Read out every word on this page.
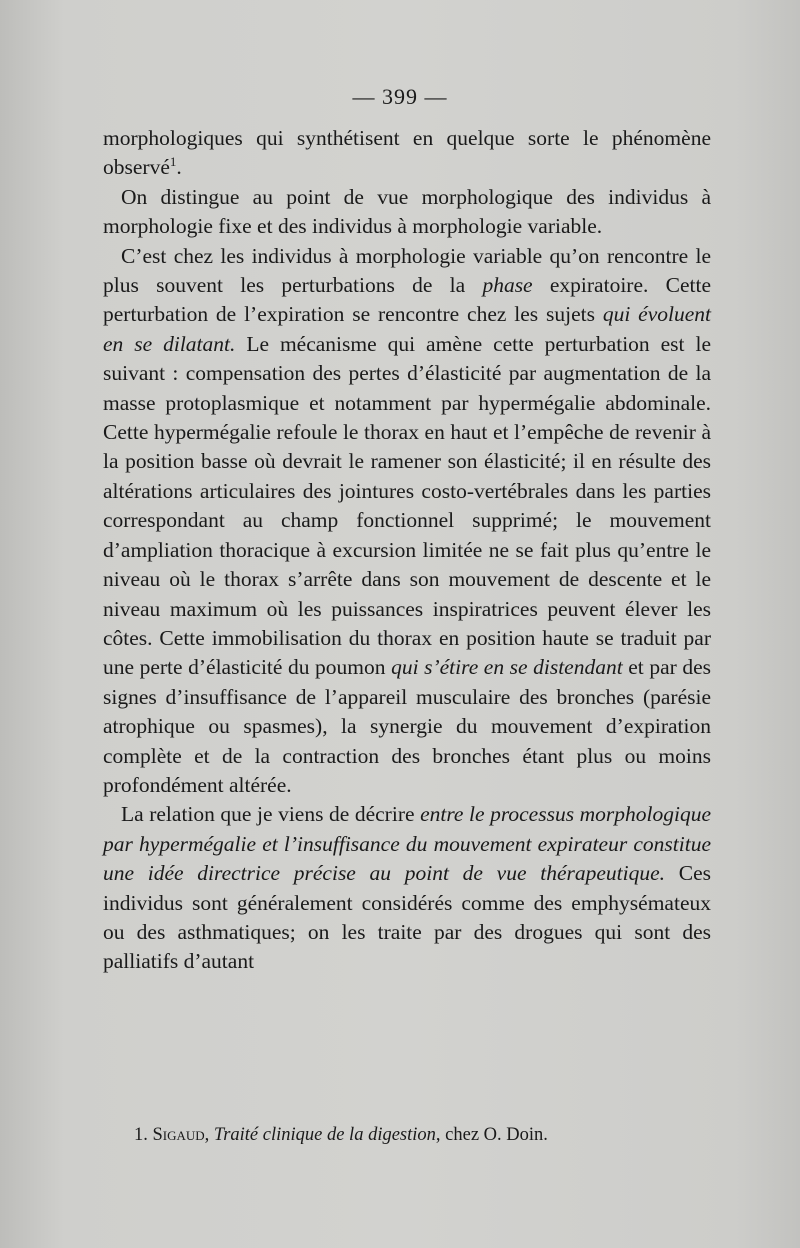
— 399 —

morphologiques qui synthétisent en quelque sorte le phénomène observé$^1$.

On distingue au point de vue morphologique des individus à morphologie fixe et des individus à morphologie variable.

C’est chez les individus à morphologie variable qu’on rencontre le plus souvent les perturbations de la phase expiratoire. Cette perturbation de l’expiration se rencontre chez les sujets qui évoluent en se dilatant. Le mécanisme qui amène cette perturbation est le suivant : compensation des pertes d’élasticité par augmentation de la masse protoplasmique et notamment par hypermégalie abdominale. Cette hypermégalie refoule le thorax en haut et l’empêche de revenir à la position basse où devrait le ramener son élasticité; il en résulte des altérations articulaires des jointures costo-vertébrales dans les parties correspondant au champ fonctionnel supprimé; le mouvement d’ampliation thoracique à excursion limitée ne se fait plus qu’entre le niveau où le thorax s’arrête dans son mouvement de descente et le niveau maximum où les puissances inspiratrices peuvent élever les côtes. Cette immobilisation du thorax en position haute se traduit par une perte d’élasticité du poumon qui s’étire en se distendant et par des signes d’insuffisance de l’appareil musculaire des bronches (parésie atrophique ou spasmes), la synergie du mouvement d’expiration complète et de la contraction des bronches étant plus ou moins profondément altérée.

La relation que je viens de décrire entre le processus morphologique par hypermégalie et l’insuffisance du mouvement expirateur constitue une idée directrice précise au point de vue thérapeutique. Ces individus sont généralement considérés comme des emphysémateux ou des asthmatiques; on les traite par des drogues qui sont des palliatifs d’autant

1. Sigaud, Traité clinique de la digestion, chez O. Doin.
